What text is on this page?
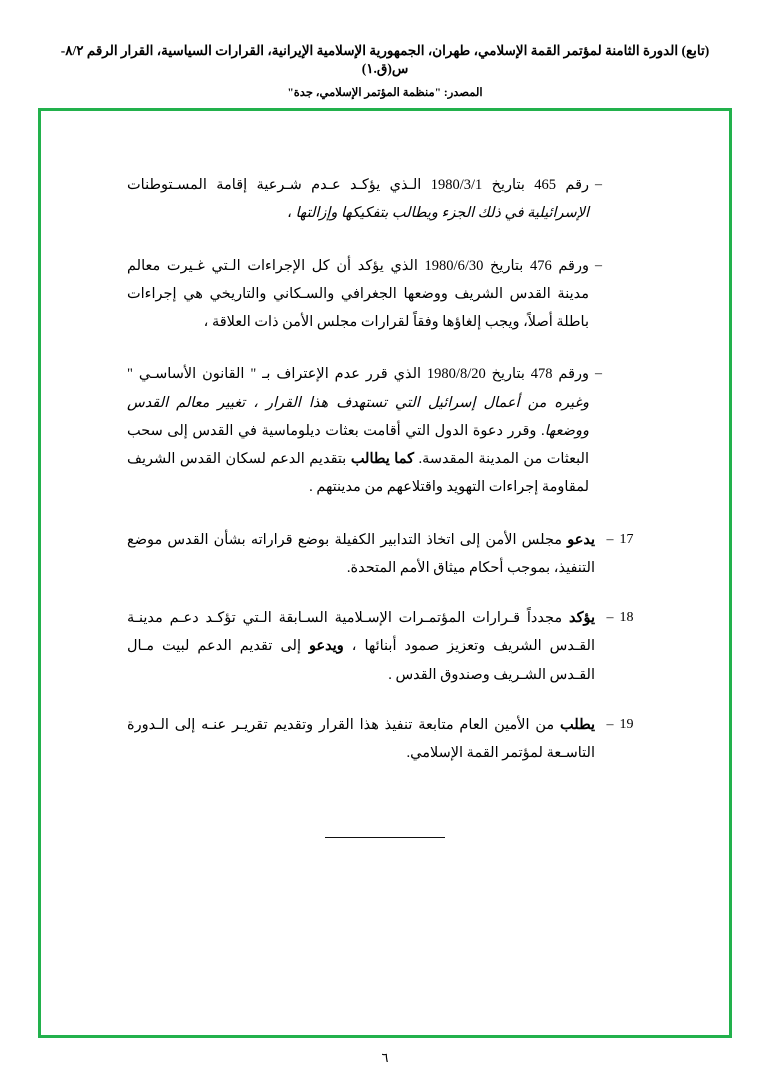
(تابع) الدورة الثامنة لمؤتمر القمة الإسلامي، طهران، الجمهورية الإسلامية الإيرانية، القرارات السياسية، القرار الرقم ٨/٢-س(ق.١)
المصدر: "منظمة المؤتمر الإسلامي، جدة"
–
رقم 465 بتاريخ 1980/3/1 الـذي يؤكـد عـدم شـرعية إقامة المسـتوطنات الإسرائيلية في ذلك الجزء ويطالب بتفكيكها وإزالتها ،
–
ورقم 476 بتاريخ 1980/6/30 الذي يؤكد أن كل الإجراءات الـتي غـيرت معالم مدينة القدس الشريف ووضعها الجغرافي والسـكاني والتاريخي هي إجراءات باطلة أصلاً، ويجب إلغاؤها وفقاً لقرارات مجلس الأمن ذات العلاقة ،
–
ورقم 478 بتاريخ 1980/8/20 الذي قرر عدم الإعتراف بـ " القانون الأساسـي " وغيره من أعمال إسرائيل التي تستهدف هذا القرار ، تغيير معالم القدس ووضعها. وقرر دعوة الدول التي أقامت بعثات ديلوماسية في القدس إلى سحب البعثات من المدينة المقدسة. كما يطالب بتقديم الدعم لسكان القدس الشريف لمقاومة إجراءات التهويد واقتلاعهم من مدينتهم .
17–
يدعو مجلس الأمن إلى اتخاذ التدابير الكفيلة بوضع قراراته بشأن القدس موضع التنفيذ، بموجب أحكام ميثاق الأمم المتحدة.
18–
يؤكد مجدداً قـرارات المؤتمـرات الإسـلامية السـابقة الـتي تؤكـد دعـم مدينـة القـدس الشريف وتعزيز صمود أبنائها ، ويدعو إلى تقديم الدعم لبيت مـال القـدس الشـريف وصندوق القدس .
19–
يطلب من الأمين العام متابعة تنفيذ هذا القرار وتقديم تقريـر عنـه إلى الـدورة التاسـعة لمؤتمر القمة الإسلامي.
٦
